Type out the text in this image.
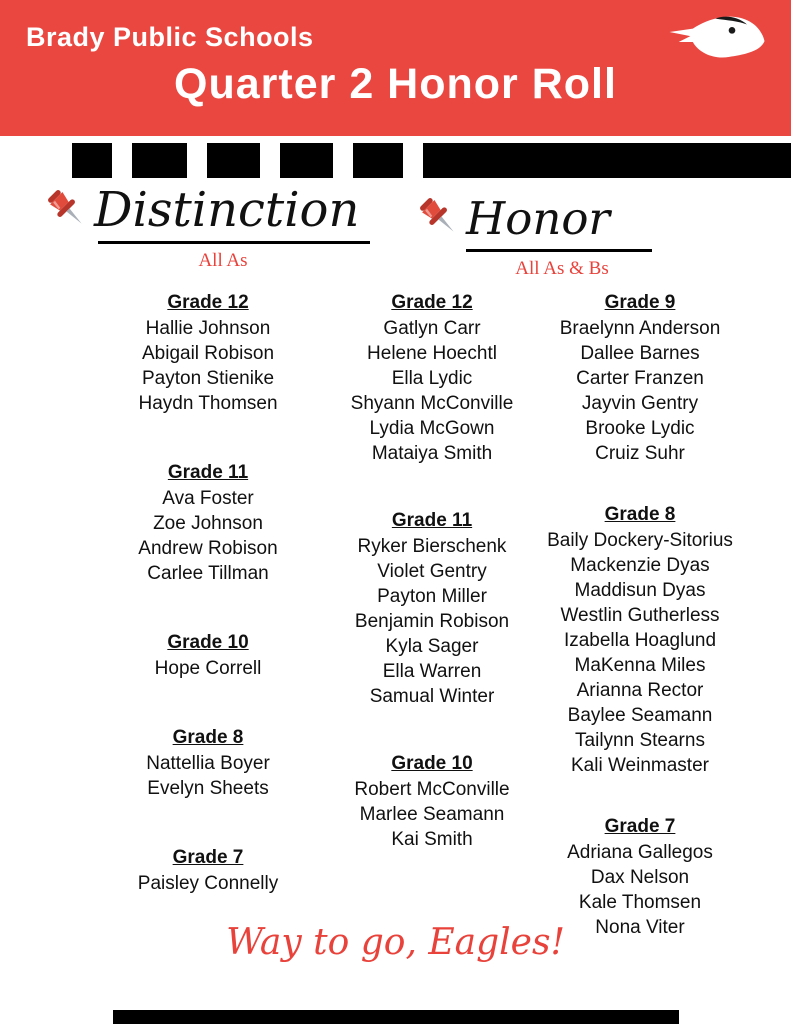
Brady Public Schools
Quarter 2 Honor Roll
Distinction
All As
Honor
All As & Bs
Grade 12
Hallie Johnson
Abigail Robison
Payton Stienike
Haydn Thomsen
Grade 11
Ava Foster
Zoe Johnson
Andrew Robison
Carlee Tillman
Grade 10
Hope Correll
Grade 8
Nattellia Boyer
Evelyn Sheets
Grade 7
Paisley Connelly
Grade 12
Gatlyn Carr
Helene Hoechtl
Ella Lydic
Shyann McConville
Lydia McGown
Mataiya Smith
Grade 11
Ryker Bierschenk
Violet Gentry
Payton Miller
Benjamin Robison
Kyla Sager
Ella Warren
Samual Winter
Grade 10
Robert McConville
Marlee Seamann
Kai Smith
Grade 9
Braelynn Anderson
Dallee Barnes
Carter Franzen
Jayvin Gentry
Brooke Lydic
Cruiz Suhr
Grade 8
Baily Dockery-Sitorius
Mackenzie Dyas
Maddisun Dyas
Westlin Gutherless
Izabella Hoaglund
MaKenna Miles
Arianna Rector
Baylee Seamann
Tailynn Stearns
Kali Weinmaster
Grade 7
Adriana Gallegos
Dax Nelson
Kale Thomsen
Nona Viter
Way to go, Eagles!
